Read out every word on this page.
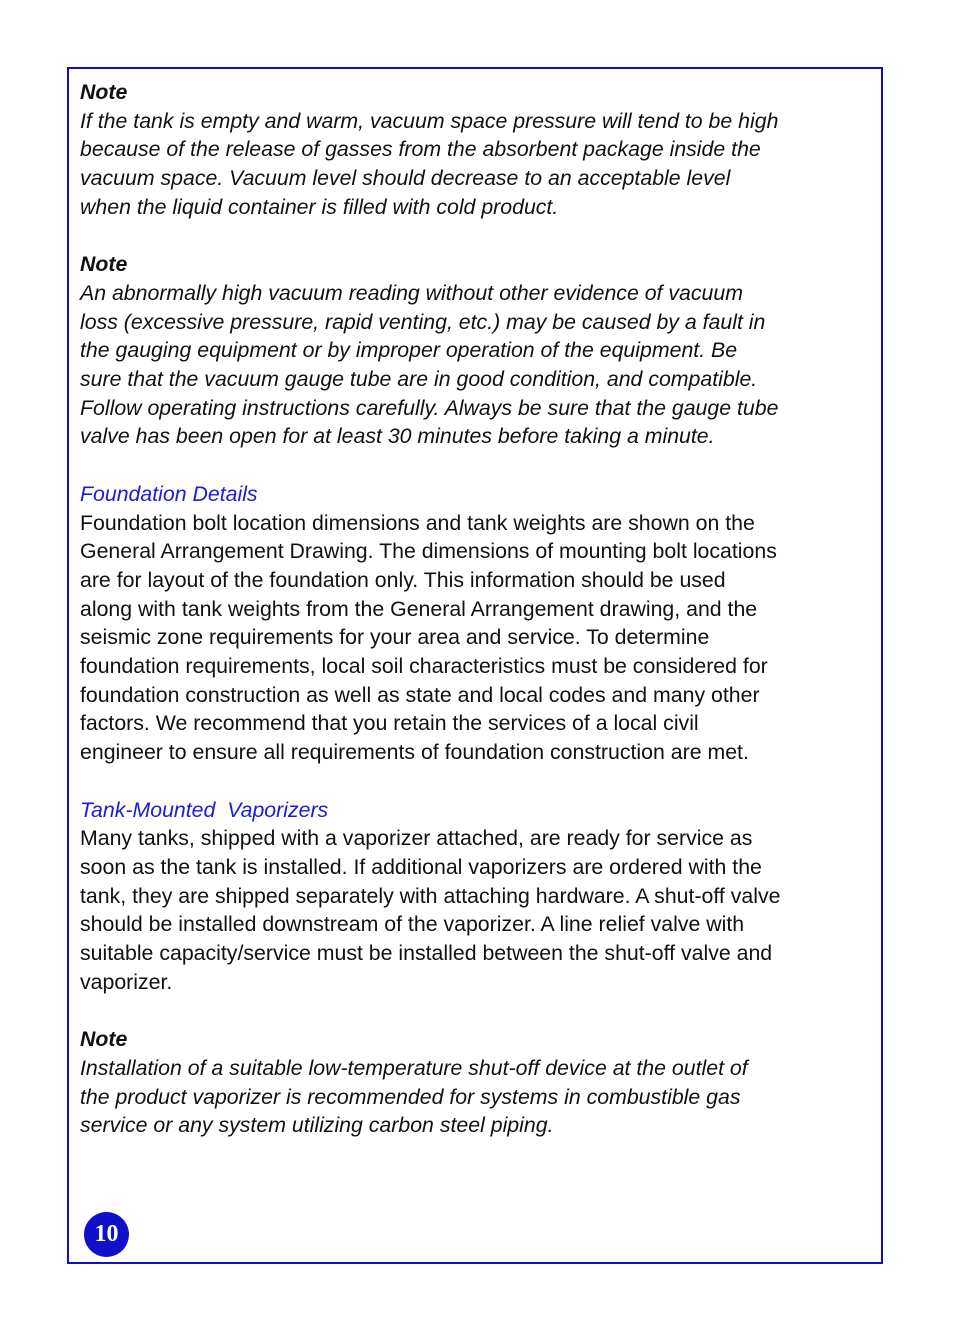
Note
If the tank is empty and warm, vacuum space pressure will tend to be high
because of the release of gasses from the absorbent package inside the
vacuum space. Vacuum level should decrease to an acceptable level
when the liquid container is filled with cold product.
Note
An abnormally high vacuum reading without other evidence of vacuum
loss (excessive pressure, rapid venting, etc.) may be caused by a fault in
the gauging equipment or by improper operation of the equipment. Be
sure that the vacuum gauge tube are in good condition, and compatible.
Follow operating instructions carefully. Always be sure that the gauge tube
valve has been open for at least 30 minutes before taking a minute.
Foundation Details
Foundation bolt location dimensions and tank weights are shown on the
General Arrangement Drawing. The dimensions of mounting bolt locations
are for layout of the foundation only. This information should be used
along with tank weights from the General Arrangement drawing, and the
seismic zone requirements for your area and service. To determine
foundation requirements, local soil characteristics must be considered for
foundation construction as well as state and local codes and many other
factors. We recommend that you retain the services of a local civil
engineer to ensure all requirements of foundation construction are met.
Tank-Mounted  Vaporizers
Many tanks, shipped with a vaporizer attached, are ready for service as
soon as the tank is installed. If additional vaporizers are ordered with the
tank, they are shipped separately with attaching hardware. A shut-off valve
should be installed downstream of the vaporizer. A line relief valve with
suitable capacity/service must be installed between the shut-off valve and
vaporizer.
Note
Installation of a suitable low-temperature shut-off device at the outlet of
the product vaporizer is recommended for systems in combustible gas
service or any system utilizing carbon steel piping.
10
